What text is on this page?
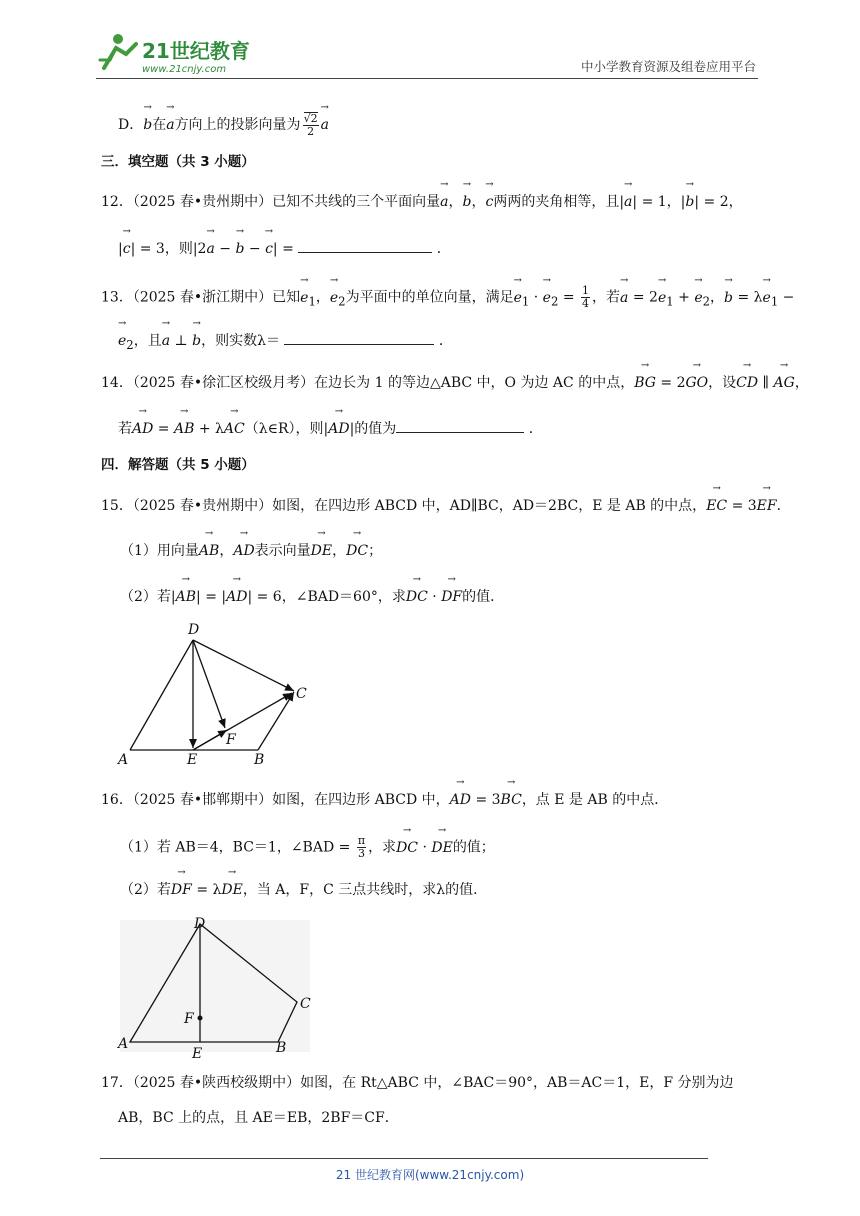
21世纪教育
www.21cnjy.com	中小学教育资源及组卷应用平台
D．→ b在→ a方向上的投影向量为 $\frac{√2}{2}$
→ a
三．填空题（共 3 小题）
12．（2025 春•贵州期中）已知不共线的三个平面向量→ a，→ b，→ c两两的夹角相等，且|→ a| = 1，|→ b| = 2，
|→ c| = 3，则|2→ a − → b − → c| =	．
13．（2025 春•浙江期中）已知→ $e_1$，→ $e_2$为平面中的单位向量，满足→ $e_1$ · → $e_2 = \frac{1}{4}$ ，若→ $a = 2\to e_1$ + → $e_2$，→ $b = \lambda\to e_1$ −
→ $e_2$，且→ a ⊥ → b，则实数λ＝	．
14．（2025 春•徐汇区校级月考）在边长为 1 的等边△ABC 中，O 为边 AC 的中点，→ BG = 2→ GO，设→ CD ∥ → AG，
若→ AD = → AB + λ→ AC（λ∈R），则|→ AD|的值为	．
四．解答题（共 5 小题）
15．（2025 春•贵州期中）如图，在四边形 ABCD 中，AD∥BC，AD＝2BC，E 是 AB 的中点，→ EC = 3→ EF．
（1）用向量→ AB，→ AD表示向量→ DE，→ DC；
（2）若|→ AB| = |→ AD| = 6，∠BAD＝60°，求→ DC · → DF的值．
D
C
F
A	E	B
16．（2025 春•邯郸期中）如图，在四边形 ABCD 中，→ AD = 3→ BC，点 E 是 AB 的中点．
（1）若 AB＝4，BC＝1，∠BAD = $\frac{\pi}{3}$ ，求→ DC · → DE的值；
（2）若→ DF = λ→ DE，当 A，F，C 三点共线时，求λ的值．
D
C
F
A
E	B
17．（2025 春•陕西校级期中）如图，在 Rt△ABC 中，∠BAC＝90°，AB＝AC＝1，E，F 分别为边
AB，BC 上的点，且 AE＝EB，2BF＝CF．
21 世纪教育网(www.21cnjy.com)
